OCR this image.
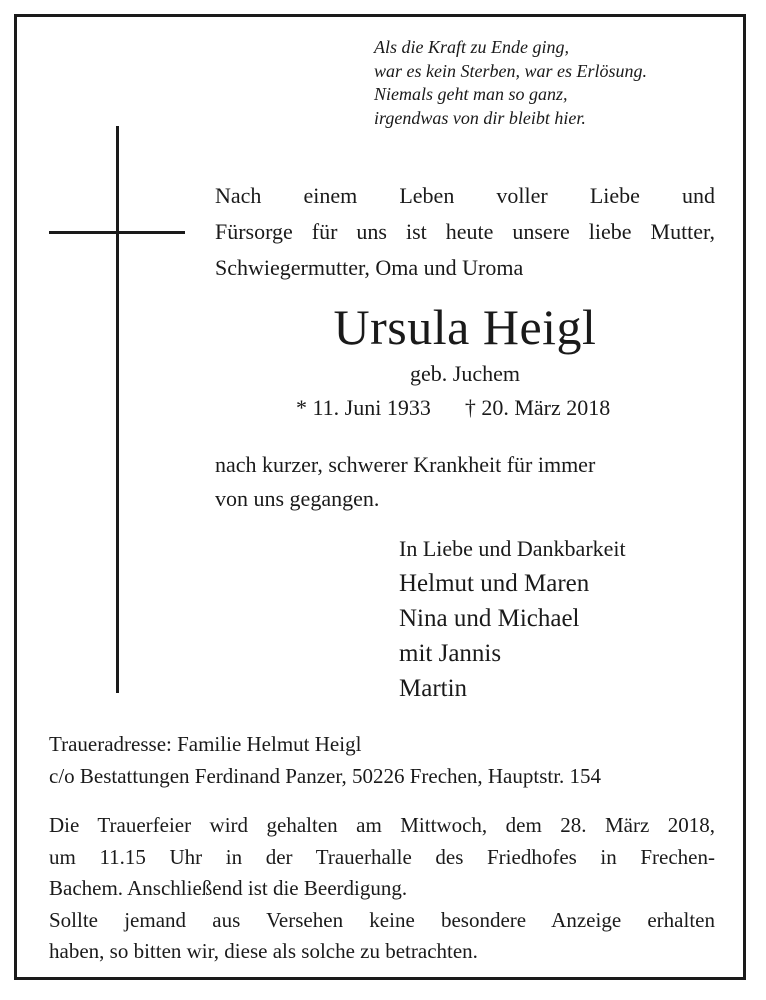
Als die Kraft zu Ende ging,
war es kein Sterben, war es Erlösung.
Niemals geht man so ganz,
irgendwas von dir bleibt hier.
Nach einem Leben voller Liebe und
Fürsorge für uns ist heute unsere liebe Mutter,
Schwiegermutter, Oma und Uroma
Ursula Heigl
geb. Juchem
* 11. Juni 1933 † 20. März 2018
nach kurzer, schwerer Krankheit für immer
von uns gegangen.
In Liebe und Dankbarkeit
Helmut und Maren
Nina und Michael
mit Jannis
Martin
Traueradresse: Familie Helmut Heigl
c/o Bestattungen Ferdinand Panzer, 50226 Frechen, Hauptstr. 154
Die Trauerfeier wird gehalten am Mittwoch, dem 28. März 2018,
um 11.15 Uhr in der Trauerhalle des Friedhofes in Frechen-
Bachem. Anschließend ist die Beerdigung.
Sollte jemand aus Versehen keine besondere Anzeige erhalten
haben, so bitten wir, diese als solche zu betrachten.
